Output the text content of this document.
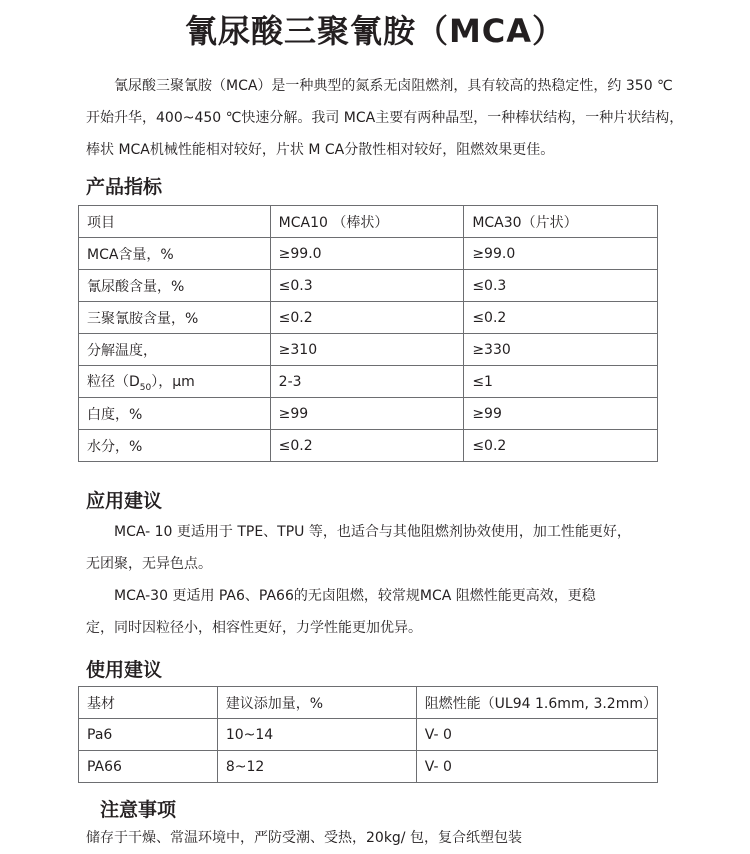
氰尿酸三聚氰胺（MCA）

氰尿酸三聚氰胺（MCA）是一种典型的氮系无卤阻燃剂，具有较高的热稳定性，约 350 ℃
开始升华，400~450 ℃快速分解。我司 MCA主要有两种晶型，一种棒状结构，一种片状结构，
棒状 MCA机械性能相对较好，片状 M CA分散性相对较好，阻燃效果更佳。

产品指标
项目	MCA10 （棒状）	MCA30（片状）
MCA含量，%	≥99.0	≥99.0
氰尿酸含量，%	≤0.3	≤0.3
三聚氰胺含量，%	≤0.2	≤0.2
分解温度，	≥310	≥330
粒径$(D_{50})$，μm	2-3	≤1
白度，%	≥99	≥99
水分，%	≤0.2	≤0.2
应用建议

MCA- 10 更适用于 TPE、TPU 等，也适合与其他阻燃剂协效使用，加工性能更好，
无团聚，无异色点。
MCA-30 更适用 PA6、PA66的无卤阻燃，较常规MCA 阻燃性能更高效，更稳
定，同时因粒径小，相容性更好，力学性能更加优异。

使用建议
基材	建议添加量，%	阻燃性能（UL94 1.6mm, 3.2mm）
Pa6	10~14	V- 0
PA66	8~12	V- 0
注意事项

储存于干燥、常温环境中，严防受潮、受热，20kg/ 包，复合纸塑包装
